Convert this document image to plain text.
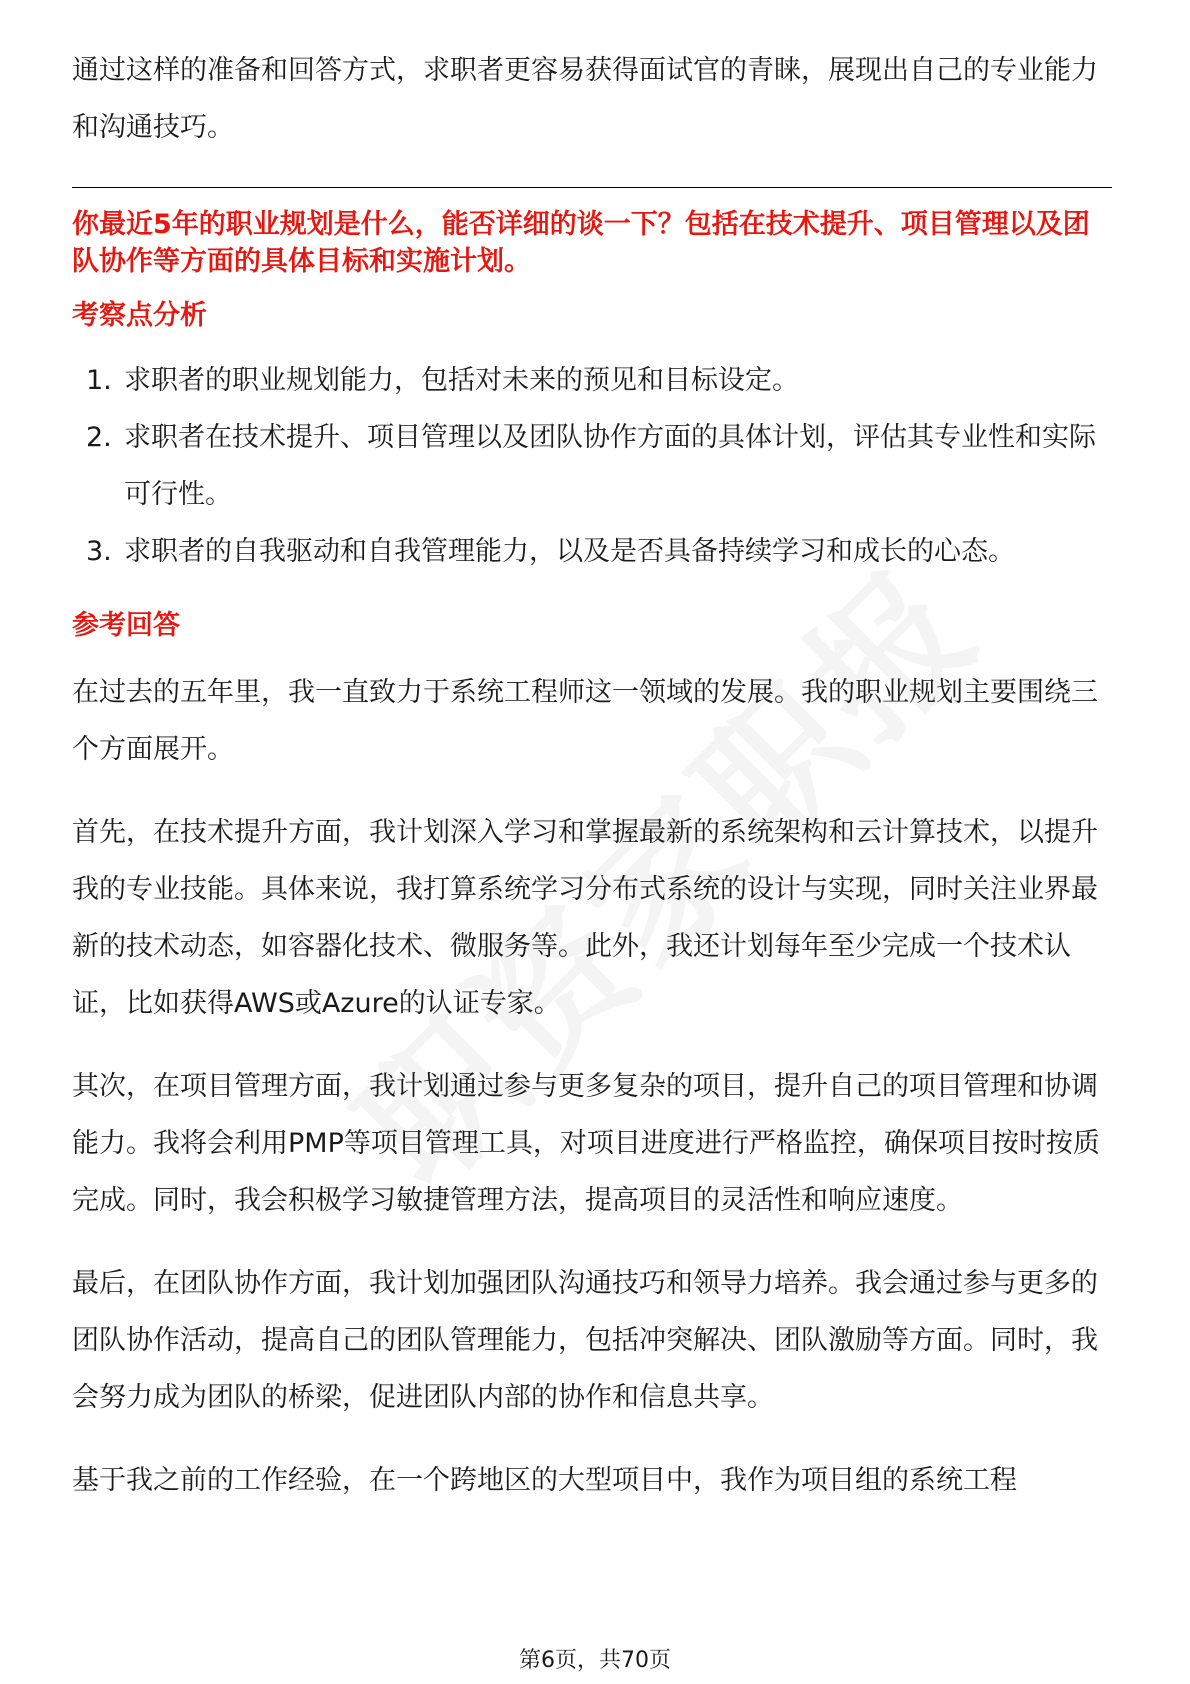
通过这样的准备和回答方式，求职者更容易获得面试官的青睐，展现出自己的专业能力和沟通技巧。

你最近5年的职业规划是什么，能否详细的谈一下？包括在技术提升、项目管理以及团队协作等方面的具体目标和实施计划。

考察点分析

1. 求职者的职业规划能力，包括对未来的预见和目标设定。
2. 求职者在技术提升、项目管理以及团队协作方面的具体计划，评估其专业性和实际可行性。
3. 求职者的自我驱动和自我管理能力，以及是否具备持续学习和成长的心态。

参考回答

在过去的五年里，我一直致力于系统工程师这一领域的发展。我的职业规划主要围绕三个方面展开。

首先，在技术提升方面，我计划深入学习和掌握最新的系统架构和云计算技术，以提升我的专业技能。具体来说，我打算系统学习分布式系统的设计与实现，同时关注业界最新的技术动态，如容器化技术、微服务等。此外，我还计划每年至少完成一个技术认证，比如获得AWS或Azure的认证专家。

其次，在项目管理方面，我计划通过参与更多复杂的项目，提升自己的项目管理和协调能力。我将会利用PMP等项目管理工具，对项目进度进行严格监控，确保项目按时按质完成。同时，我会积极学习敏捷管理方法，提高项目的灵活性和响应速度。

最后，在团队协作方面，我计划加强团队沟通技巧和领导力培养。我会通过参与更多的团队协作活动，提高自己的团队管理能力，包括冲突解决、团队激励等方面。同时，我会努力成为团队的桥梁，促进团队内部的协作和信息共享。

基于我之前的工作经验，在一个跨地区的大型项目中，我作为项目组的系统工程

第6页，共70页
